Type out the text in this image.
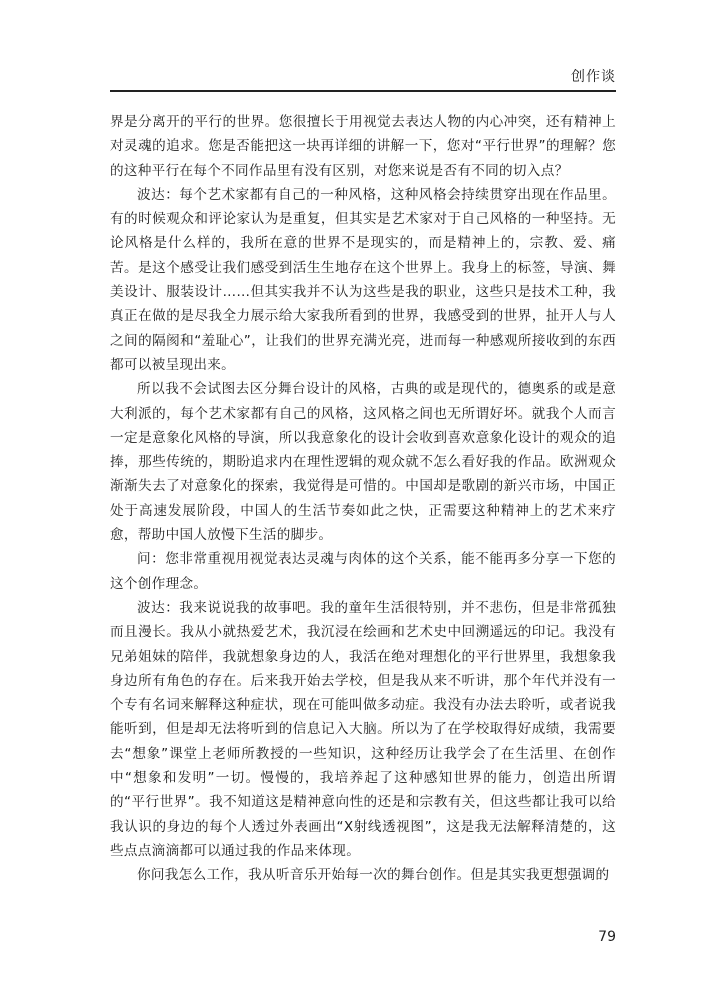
创作谈

界是分离开的平行的世界。您很擅长于用视觉去表达人物的内心冲突，还有精神上对灵魂的追求。您是否能把这一块再详细的讲解一下，您对“平行世界”的理解？您的这种平行在每个不同作品里有没有区别，对您来说是否有不同的切入点？

波达：每个艺术家都有自己的一种风格，这种风格会持续贯穿出现在作品里。有的时候观众和评论家认为是重复，但其实是艺术家对于自己风格的一种坚持。无论风格是什么样的，我所在意的世界不是现实的，而是精神上的，宗教、爱、痛苦。是这个感受让我们感受到活生生地存在这个世界上。我身上的标签，导演、舞美设计、服装设计……但其实我并不认为这些是我的职业，这些只是技术工种，我真正在做的是尽我全力展示给大家我所看到的世界，我感受到的世界，扯开人与人之间的隔阂和“羞耻心”，让我们的世界充满光亮，进而每一种感观所接收到的东西都可以被呈现出来。

所以我不会试图去区分舞台设计的风格，古典的或是现代的，德奥系的或是意大利派的，每个艺术家都有自己的风格，这风格之间也无所谓好坏。就我个人而言一定是意象化风格的导演，所以我意象化的设计会收到喜欢意象化设计的观众的追捧，那些传统的，期盼追求内在理性逻辑的观众就不怎么看好我的作品。欧洲观众渐渐失去了对意象化的探索，我觉得是可惜的。中国却是歌剧的新兴市场，中国正处于高速发展阶段，中国人的生活节奏如此之快，正需要这种精神上的艺术来疗愈，帮助中国人放慢下生活的脚步。

问：您非常重视用视觉表达灵魂与肉体的这个关系，能不能再多分享一下您的这个创作理念。

波达：我来说说我的故事吧。我的童年生活很特别，并不悲伤，但是非常孤独而且漫长。我从小就热爱艺术，我沉浸在绘画和艺术史中回溯遥远的印记。我没有兄弟姐妹的陪伴，我就想象身边的人，我活在绝对理想化的平行世界里，我想象我身边所有角色的存在。后来我开始去学校，但是我从来不听讲，那个年代并没有一个专有名词来解释这种症状，现在可能叫做多动症。我没有办法去聆听，或者说我能听到，但是却无法将听到的信息记入大脑。所以为了在学校取得好成绩，我需要去“想象”课堂上老师所教授的一些知识，这种经历让我学会了在生活里、在创作中“想象和发明”一切。慢慢的，我培养起了这种感知世界的能力，创造出所谓的“平行世界”。我不知道这是精神意向性的还是和宗教有关，但这些都让我可以给我认识的身边的每个人透过外表画出“X射线透视图”，这是我无法解释清楚的，这些点点滴滴都可以通过我的作品来体现。

你问我怎么工作，我从听音乐开始每一次的舞台创作。但是其实我更想强调的

79
